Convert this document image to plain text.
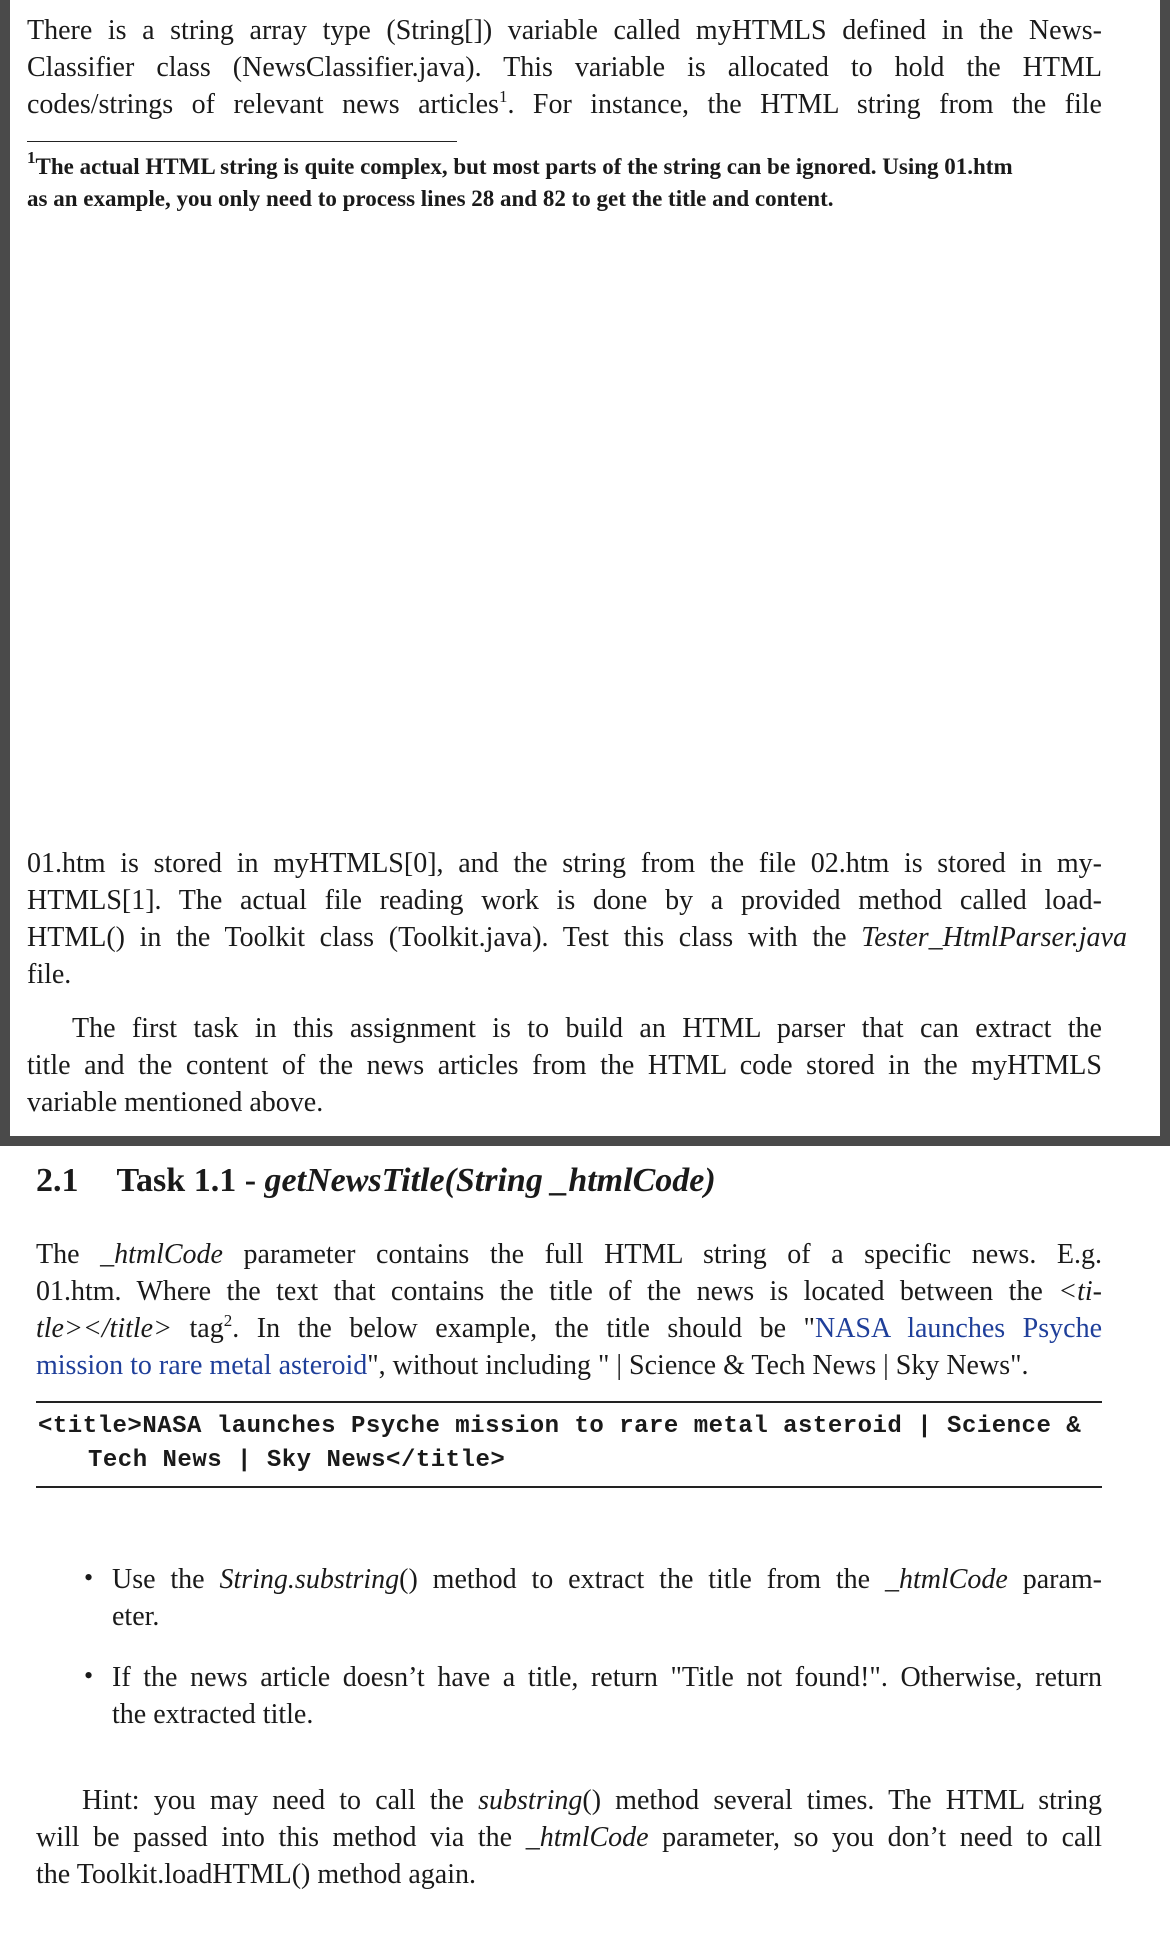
There is a string array type (String[]) variable called myHTMLS defined in the News-

Classifier class (NewsClassifier.java). This variable is allocated to hold the HTML

codes/strings of relevant news articles$^1$. For instance, the HTML string from the file

$^1$The actual HTML string is quite complex, but most parts of the string can be ignored. Using 01.htm

as an example, you only need to process lines 28 and 82 to get the title and content.

01.htm is stored in myHTMLS[0], and the string from the file 02.htm is stored in my-

HTMLS[1]. The actual file reading work is done by a provided method called load-

HTML() in the Toolkit class (Toolkit.java). Test this class with the Tester_HtmlParser.java

file.

The first task in this assignment is to build an HTML parser that can extract the

title and the content of the news articles from the HTML code stored in the myHTMLS

variable mentioned above.

2.1 Task 1.1 - getNewsTitle(String _htmlCode)

The _htmlCode parameter contains the full HTML string of a specific news. E.g.

01.htm. Where the text that contains the title of the news is located between the <ti-

tle></title> tag$^2$. In the below example, the title should be "NASA launches Psyche

mission to rare metal asteroid", without including " | Science & Tech News | Sky News".

<title>NASA launches Psyche mission to rare metal asteroid | Science &

Tech News | Sky News</title>

• Use the String.substring() method to extract the title from the _htmlCode param-

eter.

• If the news article doesn’t have a title, return "Title not found!". Otherwise, return

the extracted title.

Hint: you may need to call the substring() method several times. The HTML string

will be passed into this method via the _htmlCode parameter, so you don’t need to call

the Toolkit.loadHTML() method again.
